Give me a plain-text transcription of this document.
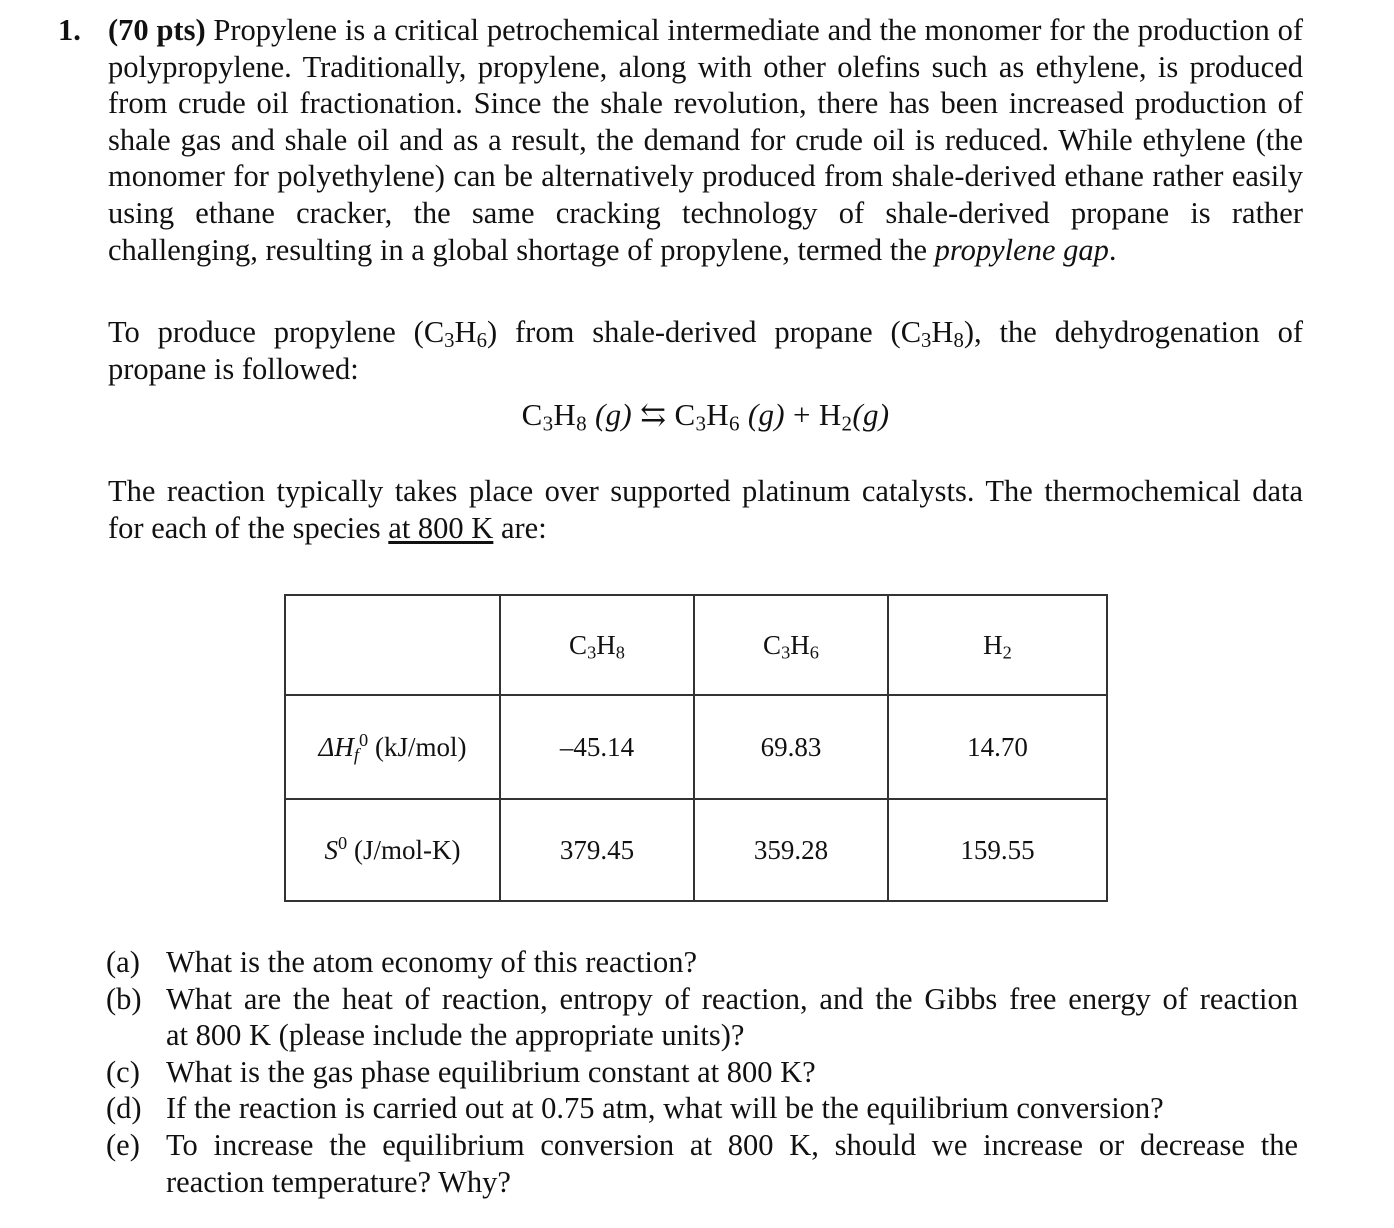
1. (70 pts) Propylene is a critical petrochemical intermediate and the monomer for the production of polypropylene. Traditionally, propylene, along with other olefins such as ethylene, is produced from crude oil fractionation. Since the shale revolution, there has been increased production of shale gas and shale oil and as a result, the demand for crude oil is reduced. While ethylene (the monomer for polyethylene) can be alternatively produced from shale-derived ethane rather easily using ethane cracker, the same cracking technology of shale-derived propane is rather challenging, resulting in a global shortage of propylene, termed the propylene gap.
To produce propylene $(C_3H_6)$ from shale-derived propane $(C_3H_8)$, the dehydrogenation of propane is followed:
$C_3H_8$ (g) ⇆ $C_3H_6$ $(g) + H_2(g)$
The reaction typically takes place over supported platinum catalysts. The thermochemical data for each of the species at 800 K are:
	$C_3H_8$	$C_3H_6$	$H_2$
$\Delta H_f^0$ (kJ/mol)	–45.14	69.83	14.70
$S^0$ (J/mol-K)	379.45	359.28	159.55
(a) What is the atom economy of this reaction?
(b) What are the heat of reaction, entropy of reaction, and the Gibbs free energy of reaction
at 800 K (please include the appropriate units)?
(c) What is the gas phase equilibrium constant at 800 K?
(d) If the reaction is carried out at 0.75 atm, what will be the equilibrium conversion?
(e) To increase the equilibrium conversion at 800 K, should we increase or decrease the
reaction temperature? Why?
